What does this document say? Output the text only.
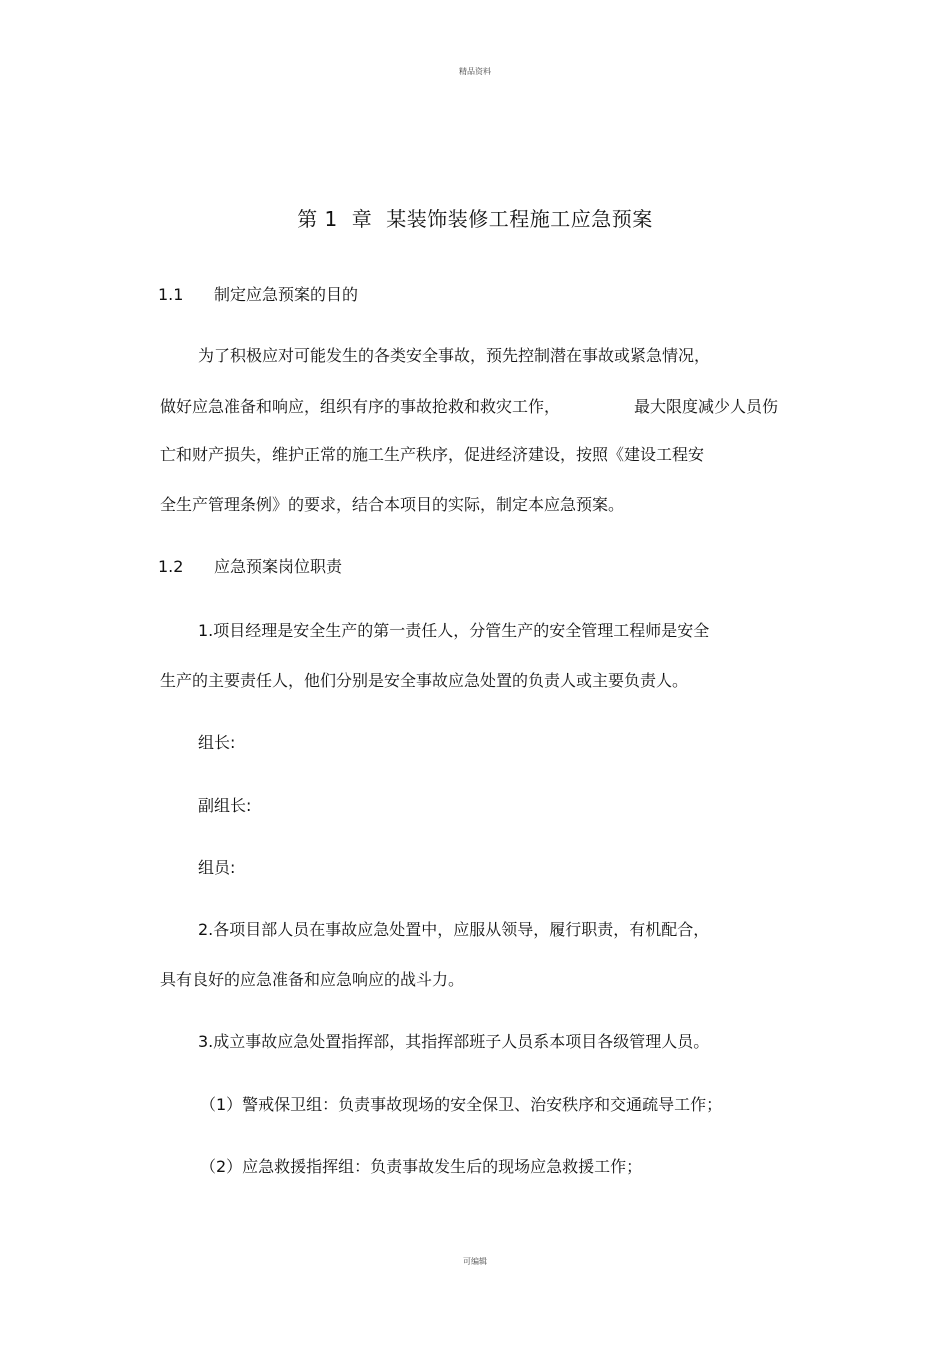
精品资料
第 1 章 某装饰装修工程施工应急预案
1.1 制定应急预案的目的
为了积极应对可能发生的各类安全事故，预先控制潜在事故或紧急情况，
做好应急准备和响应，组织有序的事故抢救和救灾工作，	最大限度减少人员伤
亡和财产损失，维护正常的施工生产秩序，促进经济建设，按照《建设工程安
全生产管理条例》的要求，结合本项目的实际，制定本应急预案。
1.2 应急预案岗位职责
1.项目经理是安全生产的第一责任人，分管生产的安全管理工程师是安全
生产的主要责任人，他们分别是安全事故应急处置的负责人或主要负责人。
组长:
副组长:
组员:
2.各项目部人员在事故应急处置中，应服从领导，履行职责，有机配合，
具有良好的应急准备和应急响应的战斗力。
3.成立事故应急处置指挥部，其指挥部班子人员系本项目各级管理人员。
（1）警戒保卫组：负责事故现场的安全保卫、治安秩序和交通疏导工作；
（2）应急救援指挥组：负责事故发生后的现场应急救援工作；
可编辑
